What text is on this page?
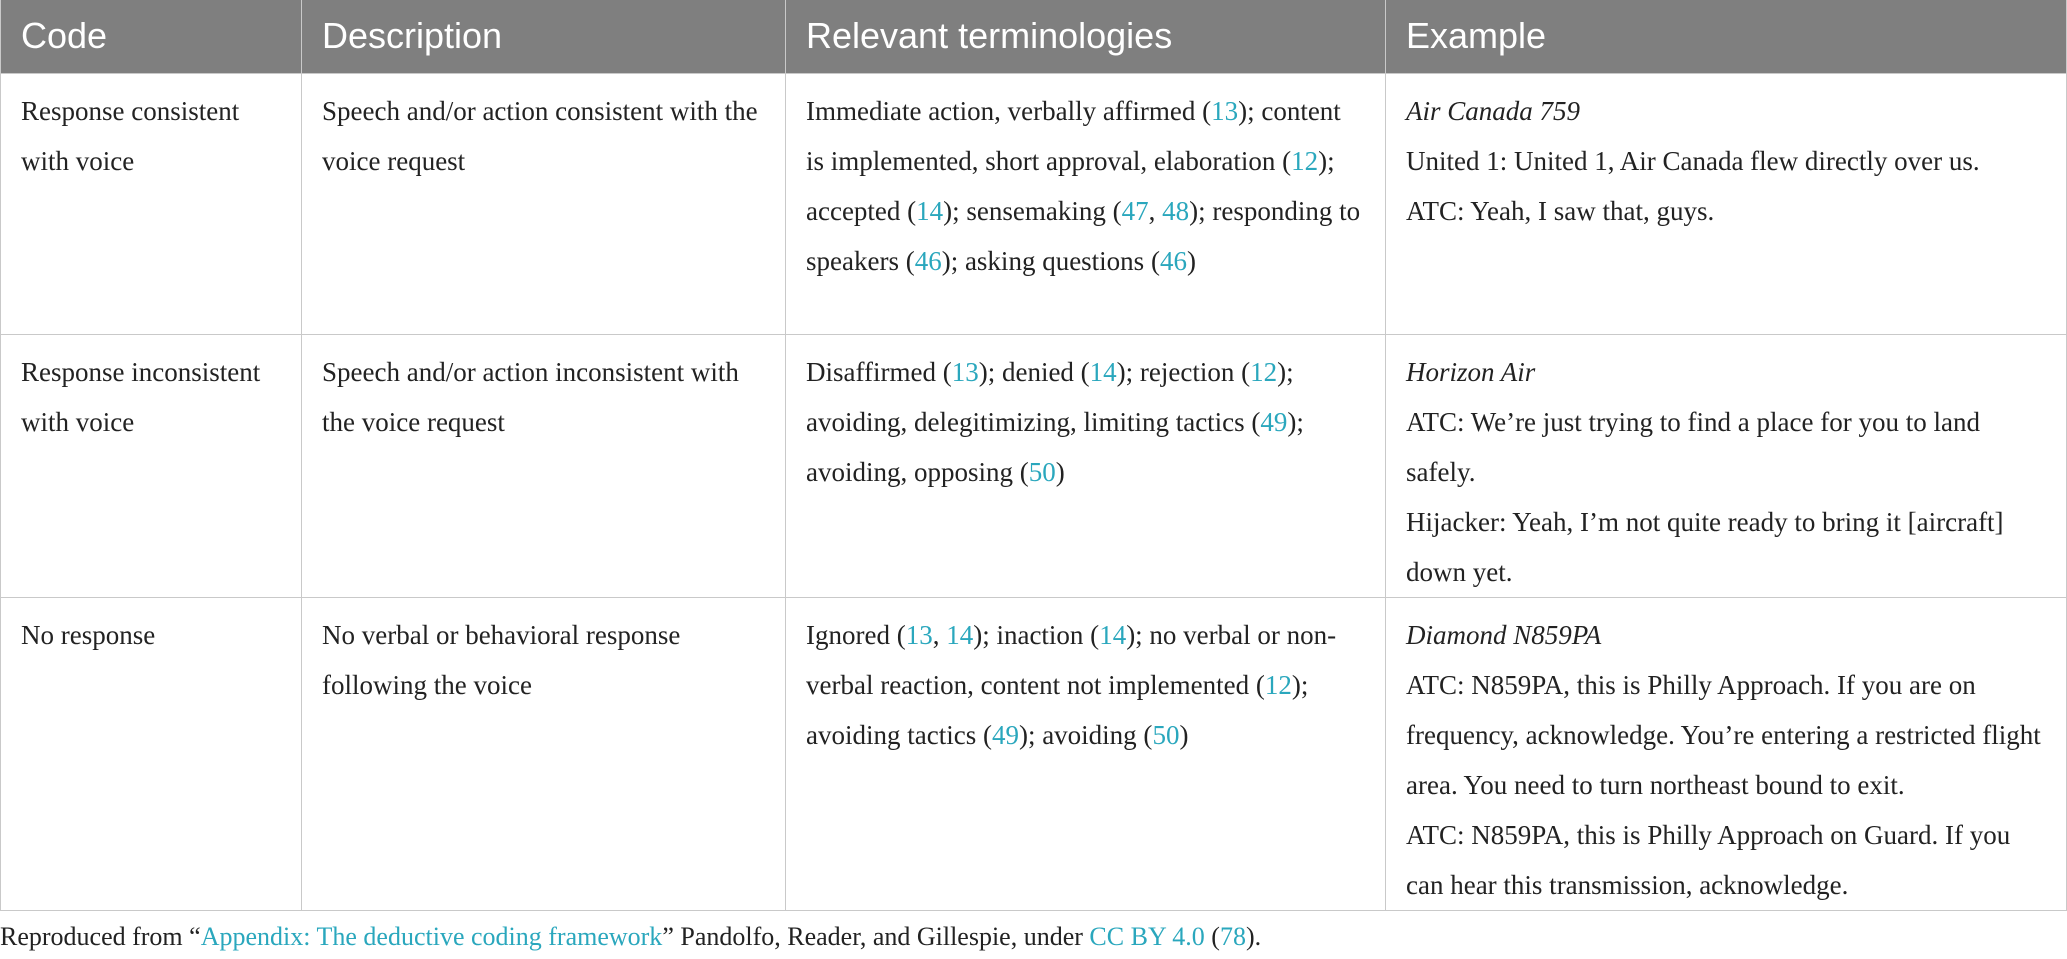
Code	Description	Relevant terminologies	Example
Response consistent with voice	Speech and/or action consistent with the voice request	Immediate action, verbally affirmed (13); content is implemented, short approval, elaboration (12); accepted (14); sensemaking (47, 48); responding to speakers (46); asking questions (46)	Air Canada 759
United 1: United 1, Air Canada flew directly over us.
ATC: Yeah, I saw that, guys.

Response inconsistent with voice	Speech and/or action inconsistent with the voice request	Disaffirmed (13); denied (14); rejection (12); avoiding, delegitimizing, limiting tactics (49); avoiding, opposing (50)	Horizon Air
ATC: We’re just trying to find a place for you to land safely.
Hijacker: Yeah, I’m not quite ready to bring it [aircraft] down yet.

No response	No verbal or behavioral response following the voice	Ignored (13, 14); inaction (14); no verbal or non-verbal reaction, content not implemented (12); avoiding tactics (49); avoiding (50)	Diamond N859PA
ATC: N859PA, this is Philly Approach. If you are on frequency, acknowledge. You’re entering a restricted flight area. You need to turn northeast bound to exit.
ATC: N859PA, this is Philly Approach on Guard. If you can hear this transmission, acknowledge.
Reproduced from “Appendix: The deductive coding framework” Pandolfo, Reader, and Gillespie, under CC BY 4.0 (78).
